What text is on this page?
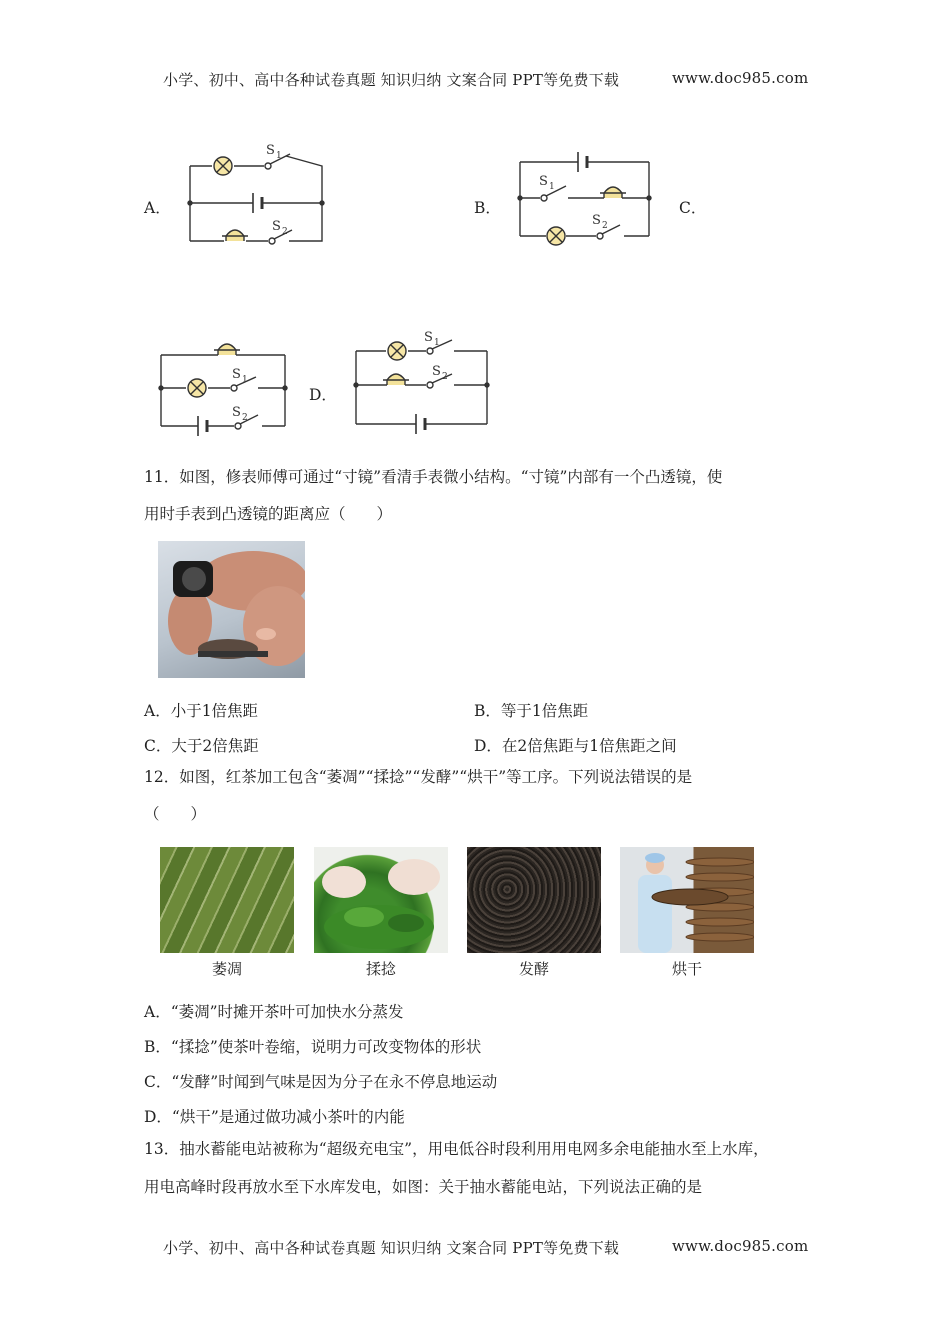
小学、初中、高中各种试卷真题 知识归纳 文案合同 PPT等免费下载	www.doc985.com
A．	B．	C．
D．
S 1
S 2
S 1
S 2
S 1
S 2
S 1
S 2
11．如图，修表师傅可通过“寸镜”看清手表微小结构。“寸镜”内部有一个凸透镜，使
用时手表到凸透镜的距离应（　　）
A．小于1倍焦距	B．等于1倍焦距
C．大于2倍焦距	D．在2倍焦距与1倍焦距之间
12．如图，红茶加工包含“萎凋”“揉捻”“发酵”“烘干”等工序。下列说法错误的是
（　　）
萎凋	揉捻	发酵	烘干
A．“萎凋”时摊开茶叶可加快水分蒸发
B．“揉捻”使茶叶卷缩，说明力可改变物体的形状
C．“发酵”时闻到气味是因为分子在永不停息地运动
D．“烘干”是通过做功减小茶叶的内能
13．抽水蓄能电站被称为“超级充电宝”，用电低谷时段利用用电网多余电能抽水至上水库，
用电高峰时段再放水至下水库发电，如图：关于抽水蓄能电站，下列说法正确的是
小学、初中、高中各种试卷真题 知识归纳 文案合同 PPT等免费下载	www.doc985.com
